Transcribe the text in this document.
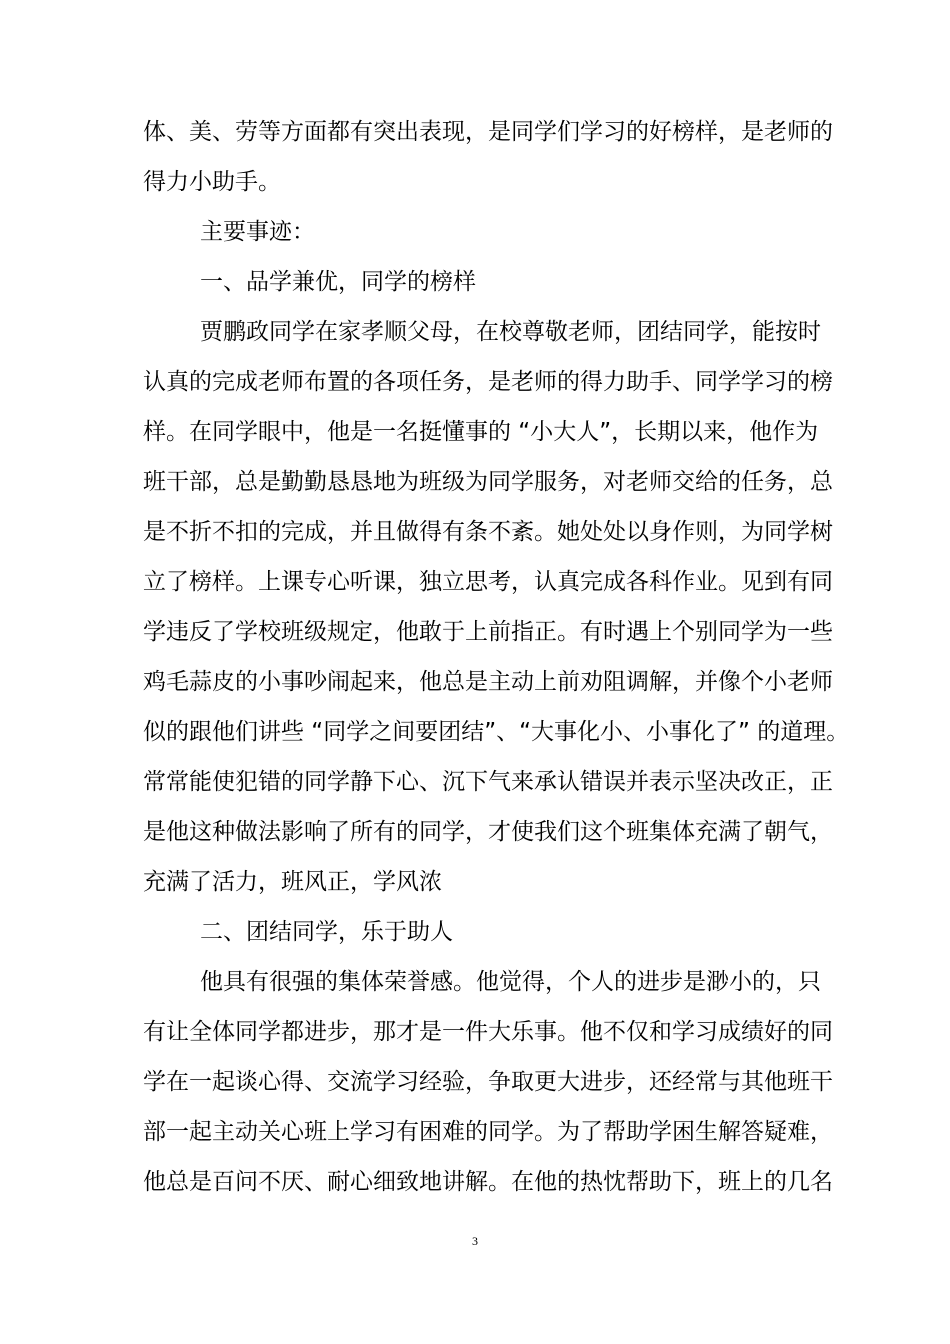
体、美、劳等方面都有突出表现，是同学们学习的好榜样，是老师的
得力小助手。
主要事迹：
一、品学兼优，同学的榜样
贾鹏政同学在家孝顺父母，在校尊敬老师，团结同学，能按时
认真的完成老师布置的各项任务，是老师的得力助手、同学学习的榜
样。在同学眼中，他是一名挺懂事的 “小大人”，长期以来，他作为
班干部，总是勤勤恳恳地为班级为同学服务，对老师交给的任务，总
是不折不扣的完成，并且做得有条不紊。她处处以身作则，为同学树
立了榜样。上课专心听课，独立思考，认真完成各科作业。见到有同
学违反了学校班级规定，他敢于上前指正。有时遇上个别同学为一些
鸡毛蒜皮的小事吵闹起来，他总是主动上前劝阻调解，并像个小老师
似的跟他们讲些 “同学之间要团结”、“大事化小、小事化了” 的道理。
常常能使犯错的同学静下心、沉下气来承认错误并表示坚决改正，正
是他这种做法影响了所有的同学，才使我们这个班集体充满了朝气，
充满了活力，班风正，学风浓
二、团结同学，乐于助人
他具有很强的集体荣誉感。他觉得，个人的进步是渺小的，只
有让全体同学都进步，那才是一件大乐事。他不仅和学习成绩好的同
学在一起谈心得、交流学习经验，争取更大进步，还经常与其他班干
部一起主动关心班上学习有困难的同学。为了帮助学困生解答疑难，
他总是百问不厌、耐心细致地讲解。在他的热忱帮助下，班上的几名
3
